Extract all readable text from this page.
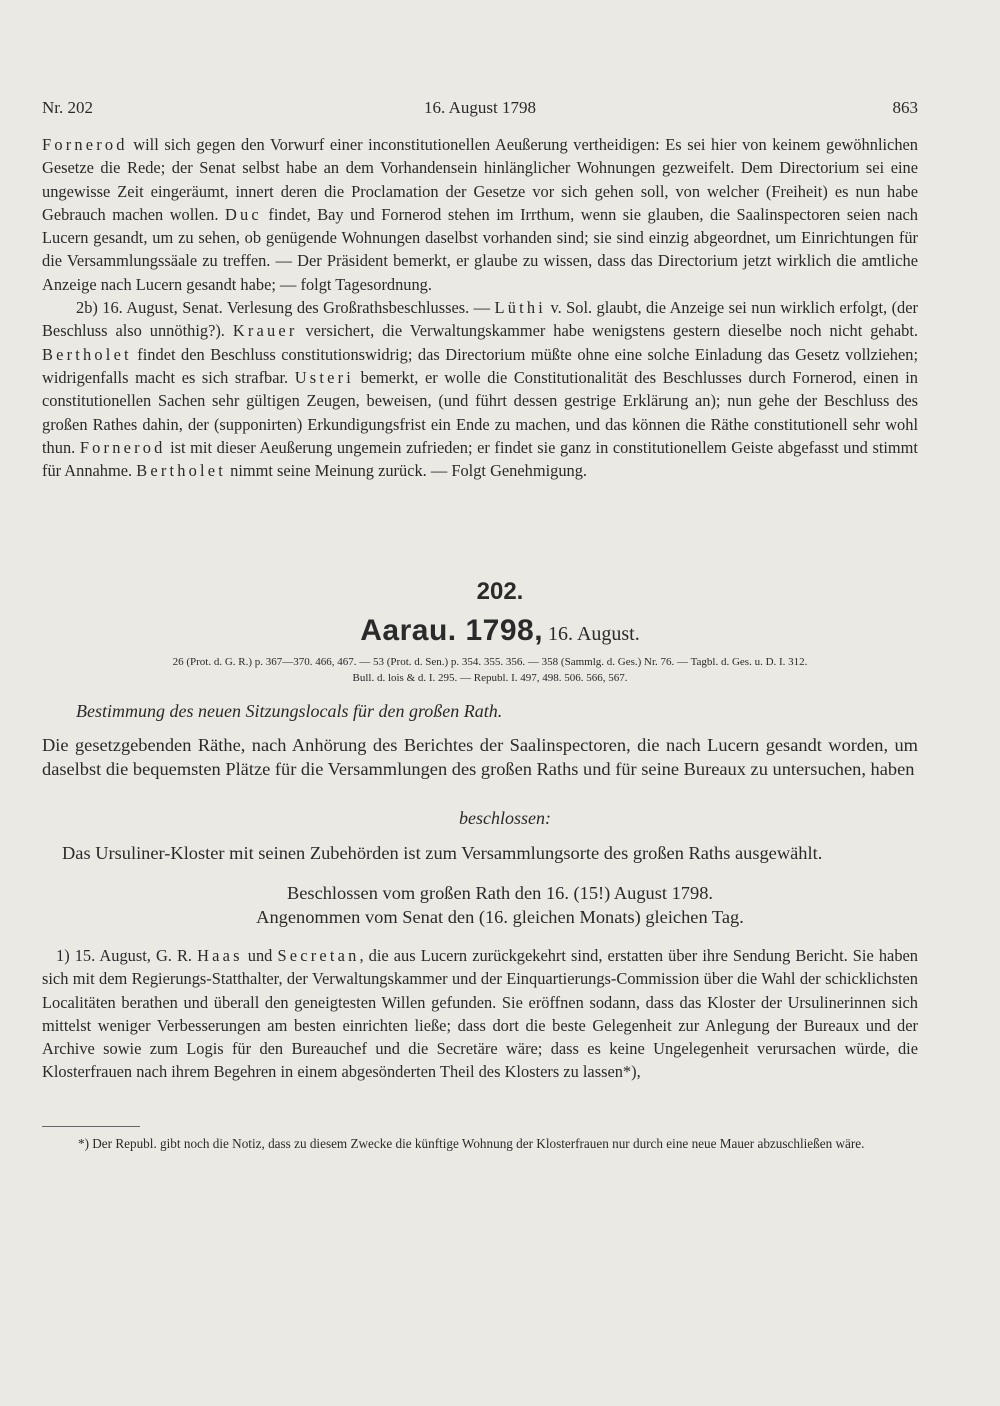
Nr. 202	16. August 1798	863

Fornerod will sich gegen den Vorwurf einer inconstitutionellen Aeußerung vertheidigen: Es sei hier von keinem gewöhnlichen Gesetze die Rede; der Senat selbst habe an dem Vorhandensein hinlänglicher Wohnungen gezweifelt. Dem Directorium sei eine ungewisse Zeit eingeräumt, innert deren die Proclamation der Gesetze vor sich gehen soll, von welcher (Freiheit) es nun habe Gebrauch machen wollen. Duc findet, Bay und Fornerod stehen im Irrthum, wenn sie glauben, die Saalinspectoren seien nach Lucern gesandt, um zu sehen, ob genügende Wohnungen daselbst vorhanden sind; sie sind einzig abgeordnet, um Einrichtungen für die Versammlungssäale zu treffen. — Der Präsident bemerkt, er glaube zu wissen, dass das Directorium jetzt wirklich die amtliche Anzeige nach Lucern gesandt habe; — folgt Tagesordnung.

2b) 16. August, Senat. Verlesung des Großrathsbeschlusses. — Lüthi v. Sol. glaubt, die Anzeige sei nun wirklich erfolgt, (der Beschluss also unnöthig?). Krauer versichert, die Verwaltungskammer habe wenigstens gestern dieselbe noch nicht gehabt. Bertholet findet den Beschluss constitutionswidrig; das Directorium müßte ohne eine solche Einladung das Gesetz vollziehen; widrigenfalls macht es sich strafbar. Usteri bemerkt, er wolle die Constitutionalität des Beschlusses durch Fornerod, einen in constitutionellen Sachen sehr gültigen Zeugen, beweisen, (und führt dessen gestrige Erklärung an); nun gehe der Beschluss des großen Rathes dahin, der (supponirten) Erkundigungsfrist ein Ende zu machen, und das können die Räthe constitutionell sehr wohl thun. Fornerod ist mit dieser Aeußerung ungemein zufrieden; er findet sie ganz in constitutionellem Geiste abgefasst und stimmt für Annahme. Bertholet nimmt seine Meinung zurück. — Folgt Genehmigung.

202.
Aarau. 1798, 16. August.
26 (Prot. d. G. R.) p. 367—370. 466, 467. — 53 (Prot. d. Sen.) p. 354. 355. 356. — 358 (Sammlg. d. Ges.) Nr. 76. — Tagbl. d. Ges. u. D. I. 312.
Bull. d. lois & d. I. 295. — Republ. I. 497, 498. 506. 566, 567.
Bestimmung des neuen Sitzungslocals für den großen Rath.

Die gesetzgebenden Räthe, nach Anhörung des Berichtes der Saalinspectoren, die nach Lucern gesandt worden, um daselbst die bequemsten Plätze für die Versammlungen des großen Raths und für seine Bureaux zu untersuchen, haben

beschlossen:

Das Ursuliner-Kloster mit seinen Zubehörden ist zum Versammlungsorte des großen Raths ausgewählt.

Beschlossen vom großen Rath den 16. (15!) August 1798.
Angenommen vom Senat den (16. gleichen Monats) gleichen Tag.

1) 15. August, G. R. Haas und Secretan, die aus Lucern zurückgekehrt sind, erstatten über ihre Sendung Bericht. Sie haben sich mit dem Regierungs-Statthalter, der Verwaltungskammer und der Einquartierungs-Commission über die Wahl der schicklichsten Localitäten berathen und überall den geneigtesten Willen gefunden. Sie eröffnen sodann, dass das Kloster der Ursulinerinnen sich mittelst weniger Verbesserungen am besten einrichten ließe; dass dort die beste Gelegenheit zur Anlegung der Bureaux und der Archive sowie zum Logis für den Bureauchef und die Secretäre wäre; dass es keine Ungelegenheit verursachen würde, die Klosterfrauen nach ihrem Begehren in einem abgesönderten Theil des Klosters zu lassen*),

*) Der Republ. gibt noch die Notiz, dass zu diesem Zwecke die künftige Wohnung der Klosterfrauen nur durch eine neue Mauer abzuschließen wäre.
